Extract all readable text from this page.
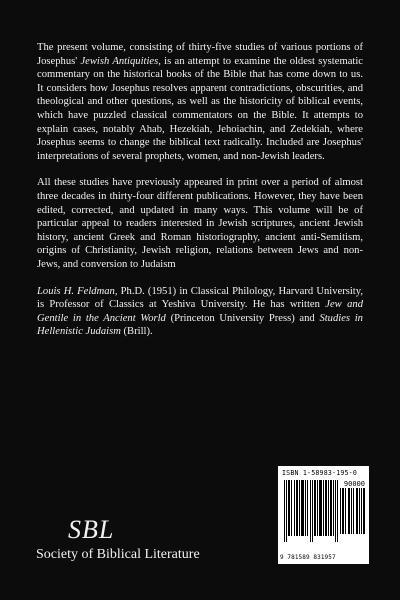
The present volume, consisting of thirty-five studies of various portions of Josephus' Jewish Antiquities, is an attempt to examine the oldest systematic commentary on the historical books of the Bible that has come down to us. It considers how Josephus resolves apparent contradictions, obscurities, and theological and other questions, as well as the historicity of biblical events, which have puzzled classical commentators on the Bible. It attempts to explain cases, notably Ahab, Hezekiah, Jehoiachin, and Zedekiah, where Josephus seems to change the biblical text radically. Included are Josephus' interpretations of several prophets, women, and non-Jewish leaders.

All these studies have previously appeared in print over a period of almost three decades in thirty-four different publications. However, they have been edited, corrected, and updated in many ways. This volume will be of particular appeal to readers interested in Jewish scriptures, ancient Jewish history, ancient Greek and Roman historiography, ancient anti-Semitism, origins of Christianity, Jewish religion, relations between Jews and non-Jews, and conversion to Judaism

Louis H. Feldman, Ph.D. (1951) in Classical Philology, Harvard University, is Professor of Classics at Yeshiva University. He has written Jew and Gentile in the Ancient World (Princeton University Press) and Studies in Hellenistic Judaism (Brill).

ISBN 1-58983-195-0
90000
9 781589 831957
SBL
Society of Biblical Literature
